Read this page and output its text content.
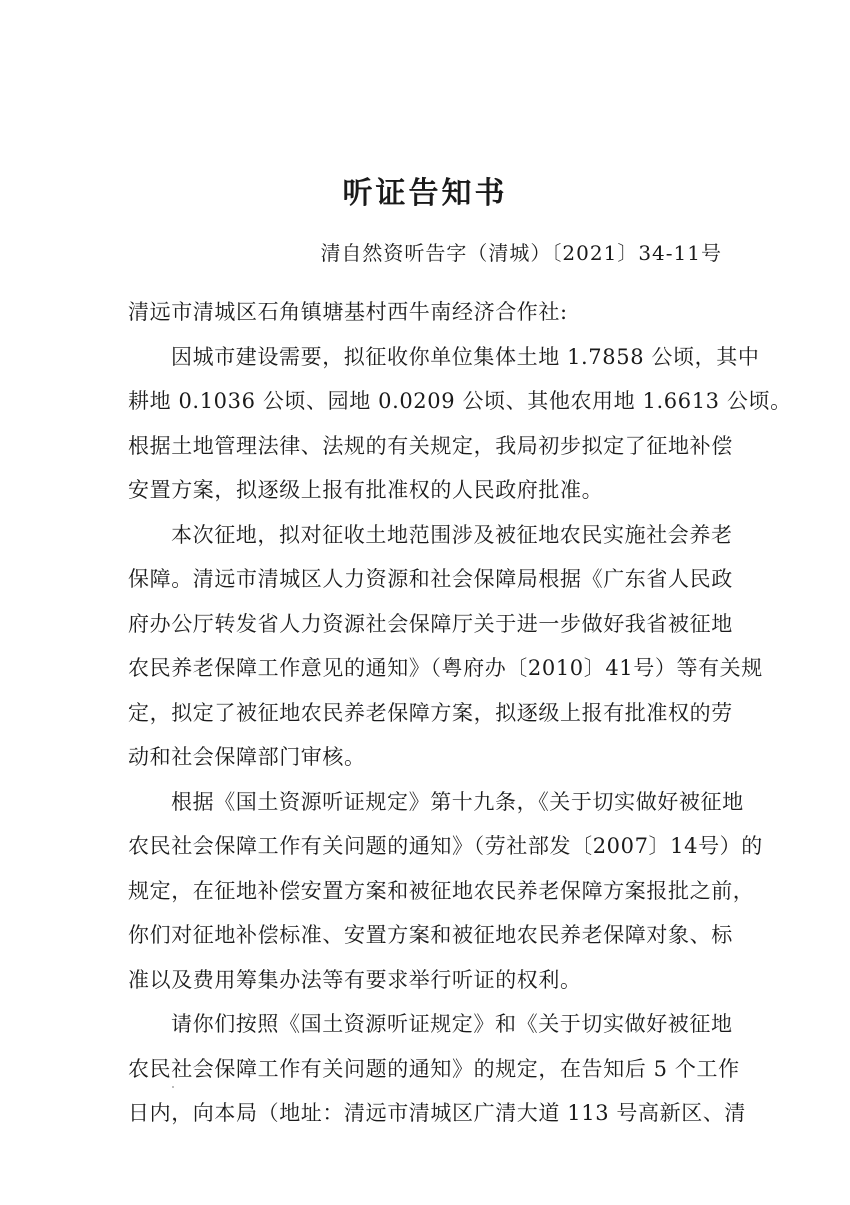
听证告知书
清自然资听告字（清城）〔2021〕34-11号
清远市清城区石角镇塘基村西牛南经济合作社:
因城市建设需要，拟征收你单位集体土地 1.7858 公顷，其中
耕地 0.1036 公顷、园地 0.0209 公顷、其他农用地 1.6613 公顷。
根据土地管理法律、法规的有关规定，我局初步拟定了征地补偿
安置方案，拟逐级上报有批准权的人民政府批准。
本次征地，拟对征收土地范围涉及被征地农民实施社会养老
保障。清远市清城区人力资源和社会保障局根据《广东省人民政
府办公厅转发省人力资源社会保障厅关于进一步做好我省被征地
农民养老保障工作意见的通知》（粤府办〔2010〕41号）等有关规
定，拟定了被征地农民养老保障方案，拟逐级上报有批准权的劳
动和社会保障部门审核。
根据《国土资源听证规定》第十九条，《关于切实做好被征地
农民社会保障工作有关问题的通知》（劳社部发〔2007〕14号）的
规定，在征地补偿安置方案和被征地农民养老保障方案报批之前，
你们对征地补偿标准、安置方案和被征地农民养老保障对象、标
准以及费用筹集办法等有要求举行听证的权利。
请你们按照《国土资源听证规定》和《关于切实做好被征地
农民社会保障工作有关问题的通知》的规定，在告知后 5 个工作
日内，向本局（地址：清远市清城区广清大道 113 号高新区、清
